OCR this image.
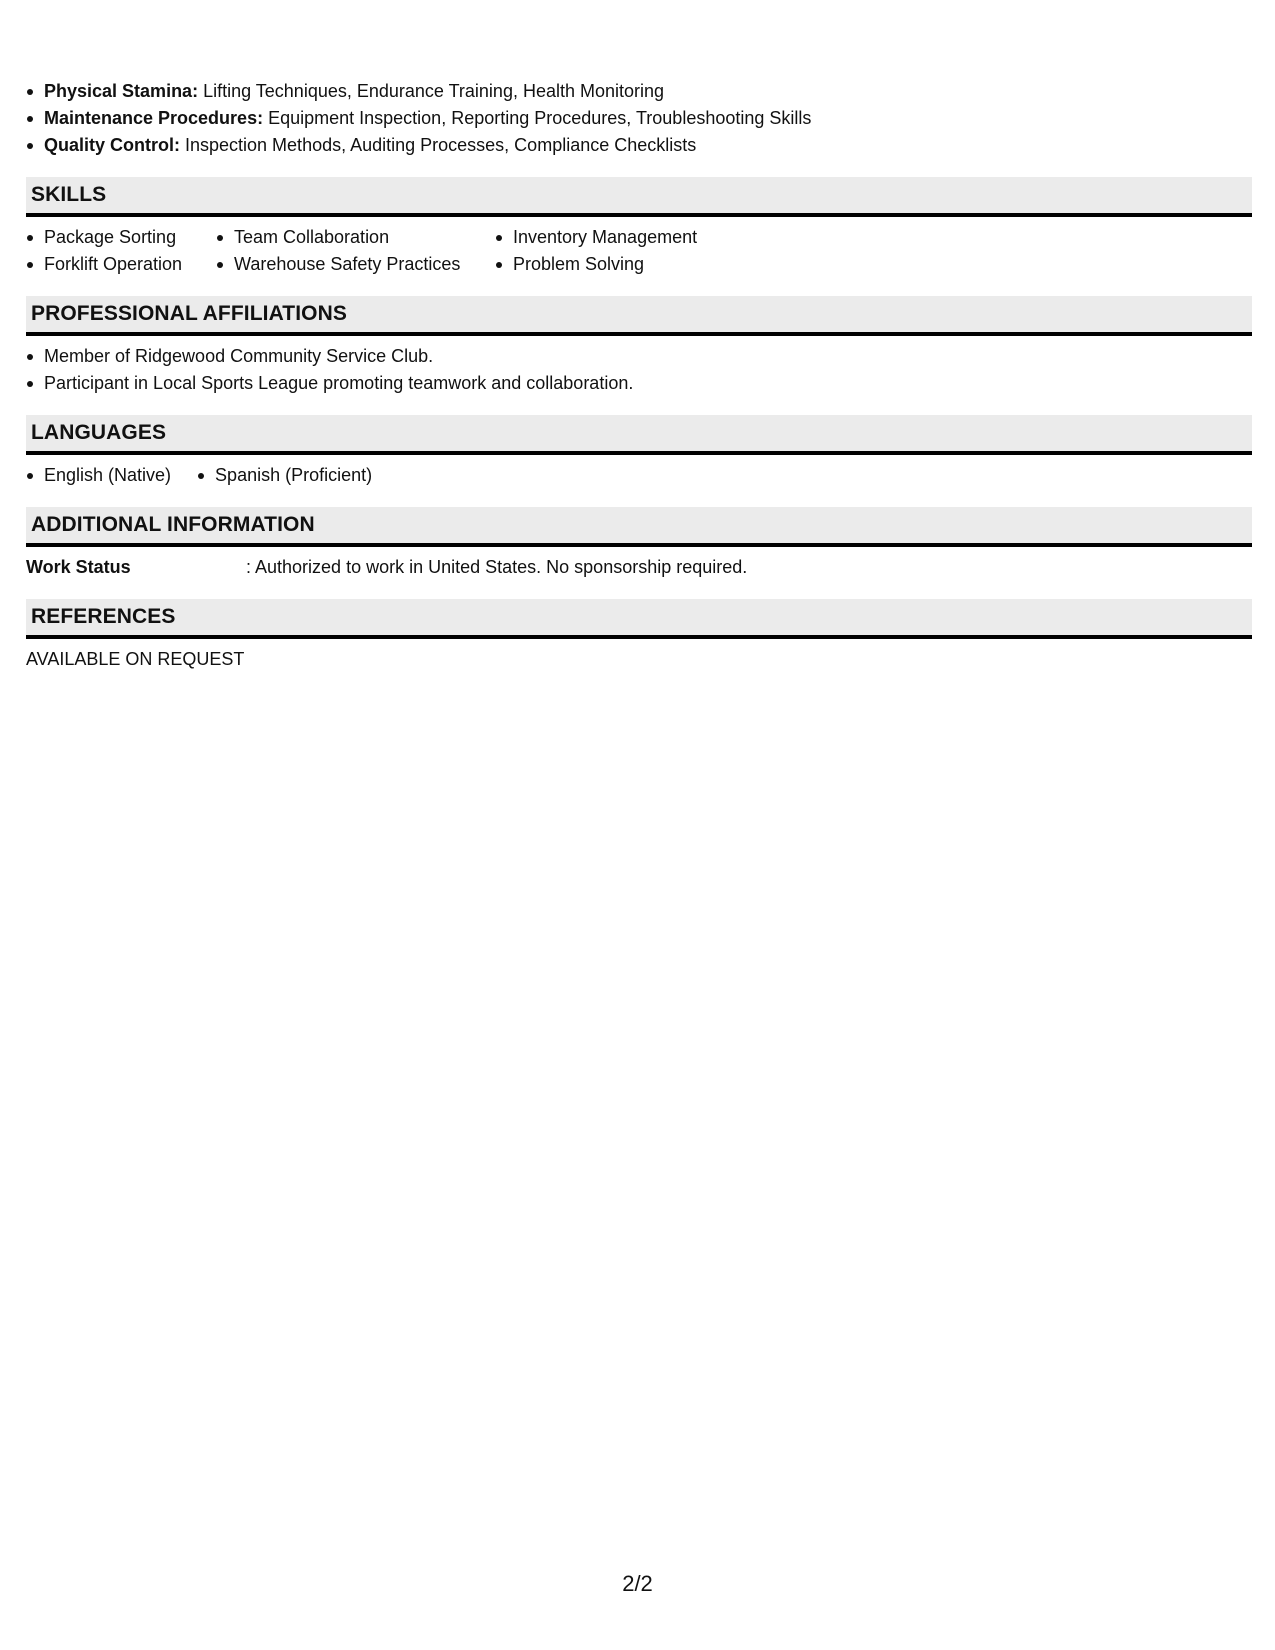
Physical Stamina: Lifting Techniques, Endurance Training, Health Monitoring
Maintenance Procedures: Equipment Inspection, Reporting Procedures, Troubleshooting Skills
Quality Control: Inspection Methods, Auditing Processes, Compliance Checklists
SKILLS
Package Sorting
Forklift Operation
Team Collaboration
Warehouse Safety Practices
Inventory Management
Problem Solving
PROFESSIONAL AFFILIATIONS
Member of Ridgewood Community Service Club.
Participant in Local Sports League promoting teamwork and collaboration.
LANGUAGES
English (Native)	Spanish (Proficient)
ADDITIONAL INFORMATION
Work Status	: Authorized to work in United States. No sponsorship required.
REFERENCES
AVAILABLE ON REQUEST
2/2
